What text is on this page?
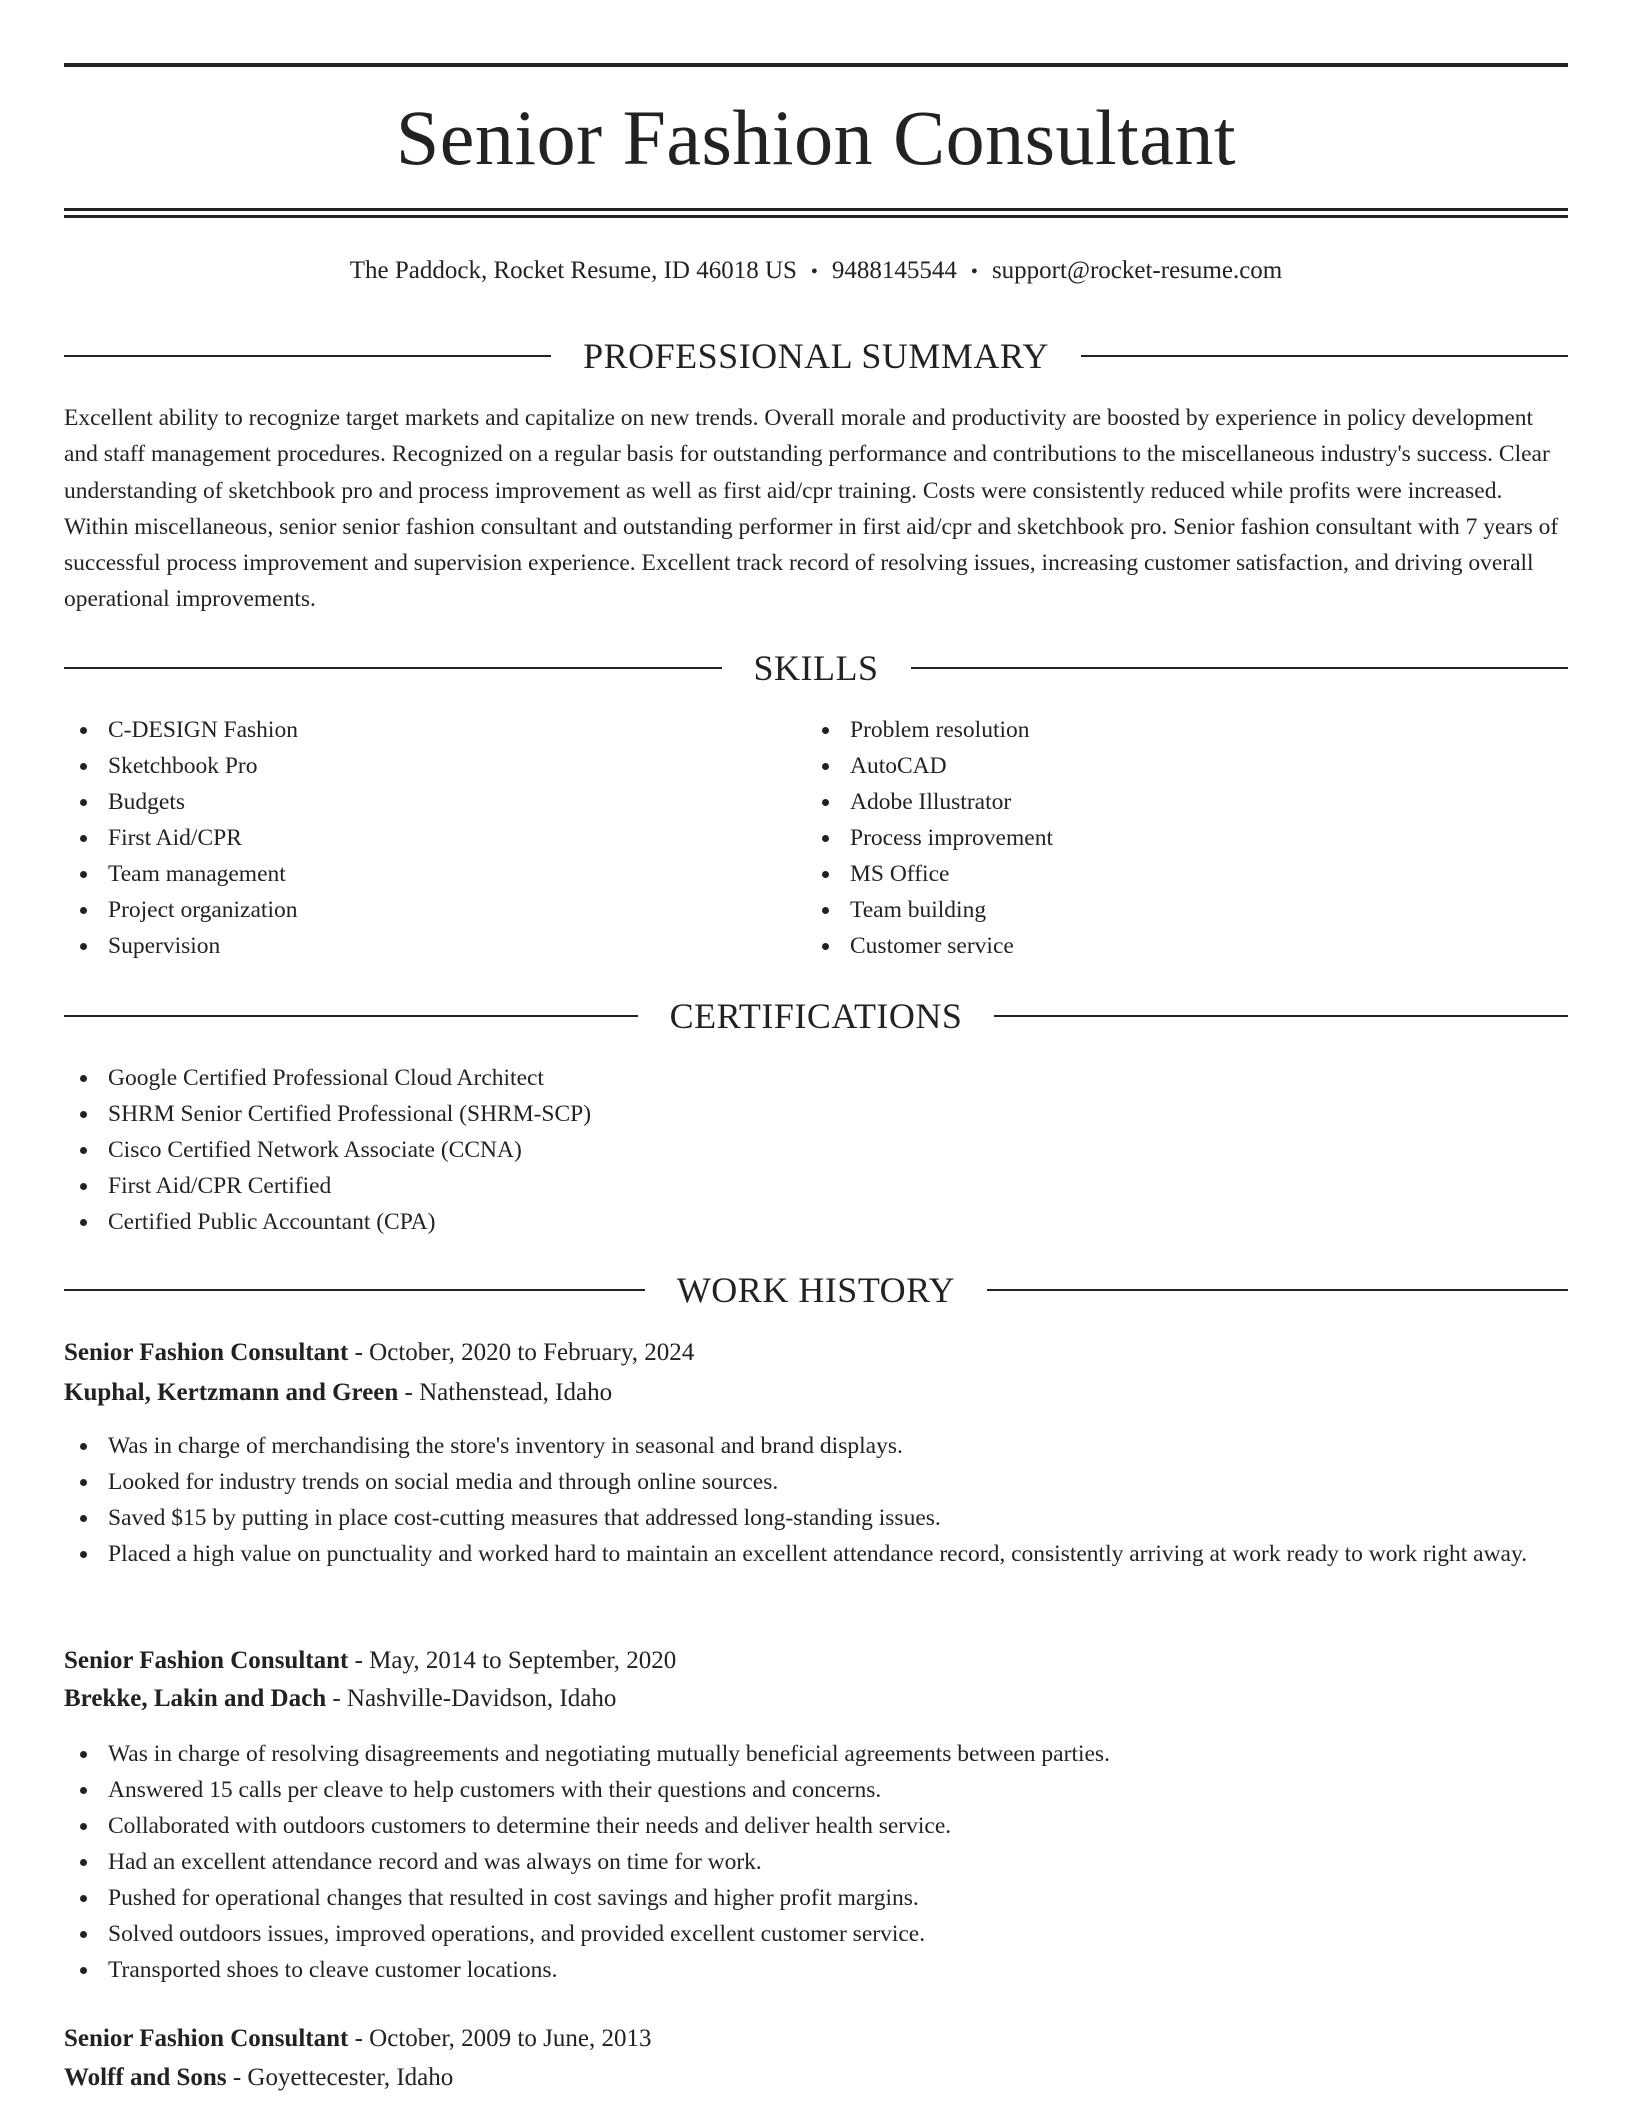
Senior Fashion Consultant
The Paddock, Rocket Resume, ID 46018 US • 9488145544 • support@rocket-resume.com
PROFESSIONAL SUMMARY

Excellent ability to recognize target markets and capitalize on new trends. Overall morale and productivity are boosted by experience in policy development and staff management procedures. Recognized on a regular basis for outstanding performance and contributions to the miscellaneous industry's success. Clear understanding of sketchbook pro and process improvement as well as first aid/cpr training. Costs were consistently reduced while profits were increased. Within miscellaneous, senior senior fashion consultant and outstanding performer in first aid/cpr and sketchbook pro. Senior fashion consultant with 7 years of successful process improvement and supervision experience. Excellent track record of resolving issues, increasing customer satisfaction, and driving overall operational improvements.

SKILLS
C-DESIGN Fashion
Sketchbook Pro
Budgets
First Aid/CPR
Team management
Project organization
Supervision
Problem resolution
AutoCAD
Adobe Illustrator
Process improvement
MS Office
Team building
Customer service
CERTIFICATIONS
Google Certified Professional Cloud Architect
SHRM Senior Certified Professional (SHRM-SCP)
Cisco Certified Network Associate (CCNA)
First Aid/CPR Certified
Certified Public Accountant (CPA)
WORK HISTORY
Senior Fashion Consultant - October, 2020 to February, 2024
Kuphal, Kertzmann and Green - Nathenstead, Idaho
Was in charge of merchandising the store's inventory in seasonal and brand displays.
Looked for industry trends on social media and through online sources.
Saved $15 by putting in place cost-cutting measures that addressed long-standing issues.
Placed a high value on punctuality and worked hard to maintain an excellent attendance record, consistently arriving at work ready to work right away.
Senior Fashion Consultant - May, 2014 to September, 2020
Brekke, Lakin and Dach - Nashville-Davidson, Idaho
Was in charge of resolving disagreements and negotiating mutually beneficial agreements between parties.
Answered 15 calls per cleave to help customers with their questions and concerns.
Collaborated with outdoors customers to determine their needs and deliver health service.
Had an excellent attendance record and was always on time for work.
Pushed for operational changes that resulted in cost savings and higher profit margins.
Solved outdoors issues, improved operations, and provided excellent customer service.
Transported shoes to cleave customer locations.
Senior Fashion Consultant - October, 2009 to June, 2013
Wolff and Sons - Goyettecester, Idaho
